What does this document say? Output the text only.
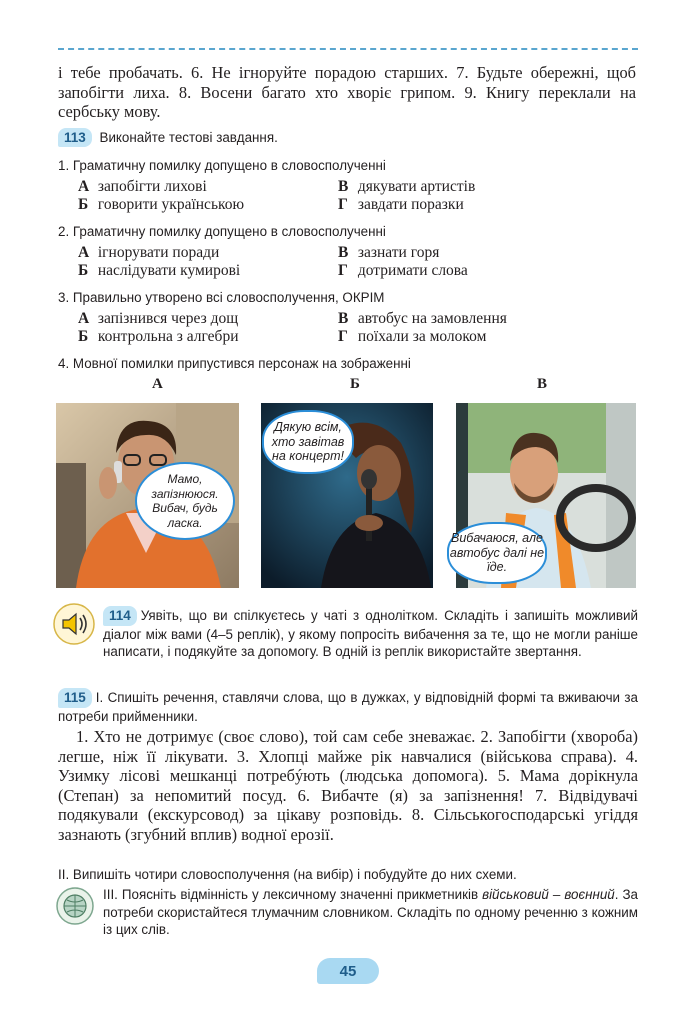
і тебе пробачать. 6. Не ігноруйте порадою старших. 7. Будьте обережні, щоб запобігти лиха. 8. Восени багато хто хворіє грипом. 9. Книгу переклали на сербську мову.

113 Виконайте тестові завдання.
1. Граматичну помилку допущено в словосполученні
А запобігти лихові	В дякувати артистів
Б говорити українською	Г завдати поразки
2. Граматичну помилку допущено в словосполученні
А ігнорувати поради	В зазнати горя
Б наслідувати кумирові	Г дотримати слова
3. Правильно утворено всі словосполучення, ОКРІМ
А запізнився через дощ	В автобус на замовлення
Б контрольна з алгебри	Г поїхали за молоком
4. Мовної помилки припустився персонаж на зображенні
А	Б	В
Мамо, запізнююся. Вибач, будь ласка.
Дякую всім, хто завітав на концерт!
Вибачаюся, але автобус далі не їде.
114 Уявіть, що ви спілкуєтесь у чаті з однолітком. Складіть і запишіть можливий діалог між вами (4–5 реплік), у якому попросіть вибачення за те, що не могли раніше написати, і подякуйте за допомогу. В одній із реплік використайте звертання.
115 І. Спишіть речення, ставлячи слова, що в дужках, у відповідній формі та вживаючи за потреби прийменники.

1. Хто не дотримує (своє слово), той сам себе зневажає. 2. Запобігти (хвороба) легше, ніж її лікувати. 3. Хлопці майже рік навчалися (військова справа). 4. Узимку лісові мешканці потребýють (людська допомога). 5. Мама дорікнула (Степан) за непомитий посуд. 6. Вибачте (я) за запізнення! 7. Відвідувачі подякували (екскурсовод) за цікаву розповідь. 8. Сільськогосподарські угіддя зазнають (згубний вплив) водної ерозії.

ІІ. Випишіть чотири словосполучення (на вибір) і побудуйте до них схеми.
ІІІ. Поясніть відмінність у лексичному значенні прикметників військовий – воєнний. За потреби скористайтеся тлумачним словником. Складіть по одному реченню з кожним із цих слів.
45
